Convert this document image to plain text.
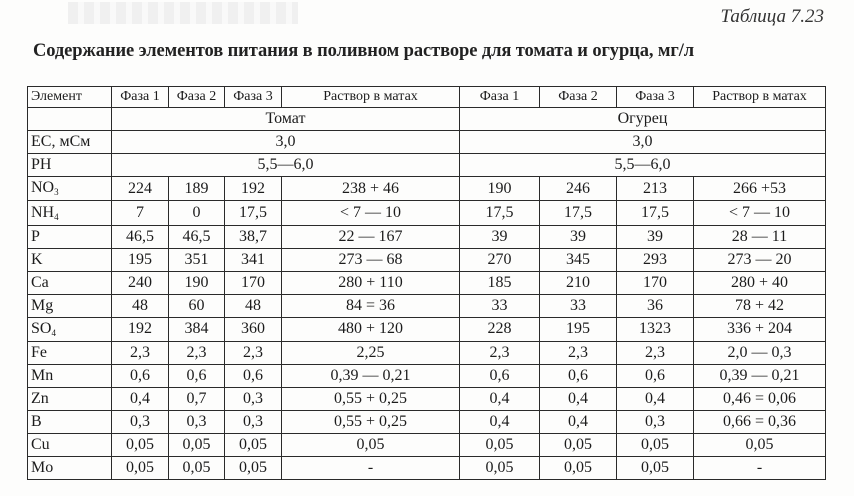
Таблица 7.23
Содержание элементов питания в поливном растворе для томата и огурца, мг/л
Элемент	Фаза 1	Фаза 2	Фаза 3	Раствор в матах	Фаза 1	Фаза 2	Фаза 3	Раствор в матах
	Томат				Огурец			
ЕС, мСм	3,0				3,0			
PH	5,5—6,0				5,5—6,0			
$NO_3$	224	189	192	238 + 46	190	246	213	266 +53
$NH_4$	7	0	17,5	< 7 — 10	17,5	17,5	17,5	< 7 — 10
P	46,5	46,5	38,7	22 — 167	39	39	39	28 — 11
K	195	351	341	273 — 68	270	345	293	273 — 20
Ca	240	190	170	280 + 110	185	210	170	280 + 40
Mg	48	60	48	84 = 36	33	33	36	78 + 42
$SO_4$	192	384	360	480 + 120	228	195	1323	336 + 204
Fe	2,3	2,3	2,3	2,25	2,3	2,3	2,3	2,0 — 0,3
Mn	0,6	0,6	0,6	0,39 — 0,21	0,6	0,6	0,6	0,39 — 0,21
Zn	0,4	0,7	0,3	0,55 + 0,25	0,4	0,4	0,4	0,46 = 0,06
B	0,3	0,3	0,3	0,55 + 0,25	0,4	0,4	0,3	0,66 = 0,36
Cu	0,05	0,05	0,05	0,05	0,05	0,05	0,05	0,05
Mo	0,05	0,05	0,05	-	0,05	0,05	0,05	-
